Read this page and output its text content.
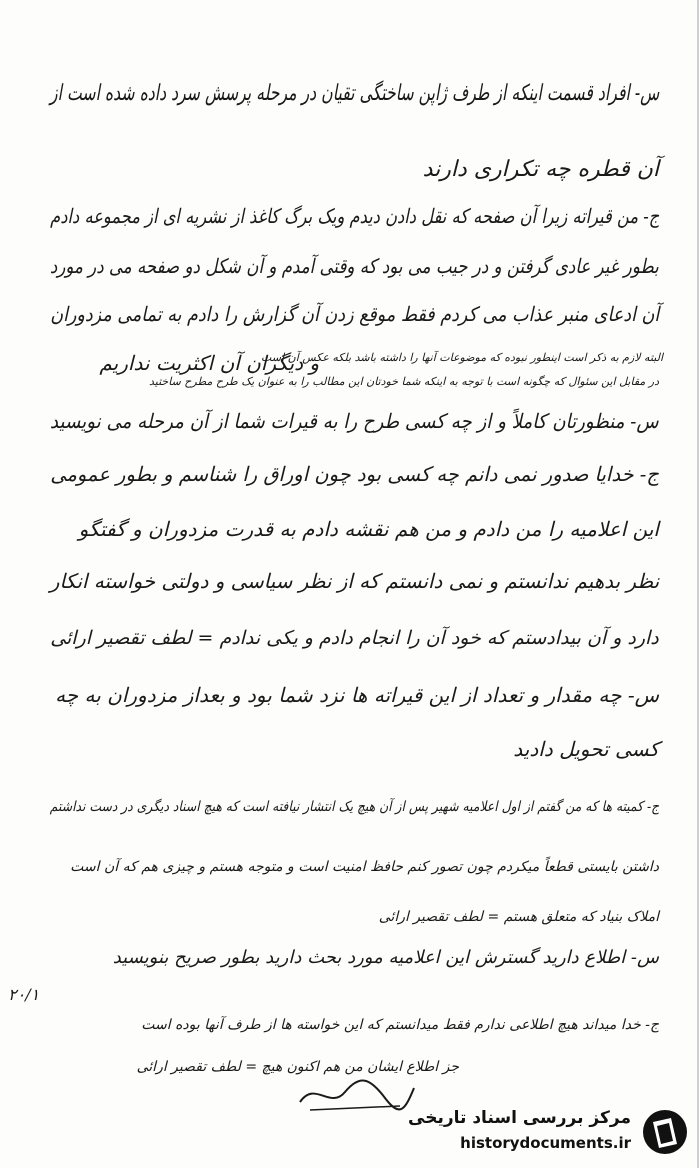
س- افراد قسمت اینکه از طرف ژاپن ساختگی تقیان در مرحله پرسش سرد داده شده است از
آن قطره چه تکراری دارند
ج- من قیراته زیرا آن صفحه که نقل دادن دیدم ویک برگ کاغذ از نشریه ای از مجموعه دادم
بطور غیر عادی گرفتن و در جیب می بود که وقتی آمدم و آن شکل دو صفحه می در مورد
آن ادعای منبر عذاب می کردم فقط موقع زدن آن گزارش را دادم به تمامی مزدوران
و دیگران آن اکثریت نداریم
البته لازم به ذکر است اینطور نبوده که موضوعات آنها را داشته باشد بلکه عکس آن است
در مقابل این سئوال که چگونه است با توجه به اینکه شما خودتان این مطالب را به عنوان یک طرح مطرح ساختید
س- منظورتان کاملاً و از چه کسی طرح را به قیرات شما از آن مرحله می نویسید
ج- خدایا صدور نمی دانم چه کسی بود چون اوراق را شناسم و بطور عمومی
این اعلامیه را من دادم و من هم نقشه دادم به قدرت مزدوران و گفتگو
نظر بدهیم ندانستم و نمی دانستم که از نظر سیاسی و دولتی خواسته انکار
دارد و آن بیدادستم که خود آن را انجام دادم و یکی ندادم = لطف تقصیر ارائی
س- چه مقدار و تعداد از این قیراته ها نزد شما بود و بعداز مزدوران به چه
کسی تحویل دادید
ج- کمیته ها که من گفتم از اول اعلامیه شهیر پس از آن هیچ یک انتشار نیافته است که هیچ اسناد دیگری در دست نداشتم
داشتن بایستی قطعاً میکردم چون تصور کنم حافظ امنیت است و متوجه هستم و چیزی هم که آن است
املاک بنیاد که متعلق هستم = لطف تقصیر ارائی
س- اطلاع دارید گسترش این اعلامیه مورد بحث دارید بطور صریح بنویسید
ج- خدا میداند هیچ اطلاعی ندارم فقط میدانستم که این خواسته ها از طرف آنها بوده است
جز اطلاع ایشان من هم اکنون هیچ = لطف تقصیر ارائی
۲۰/۱
مرکز بررسی اسناد تاریخی
historydocuments.ir
